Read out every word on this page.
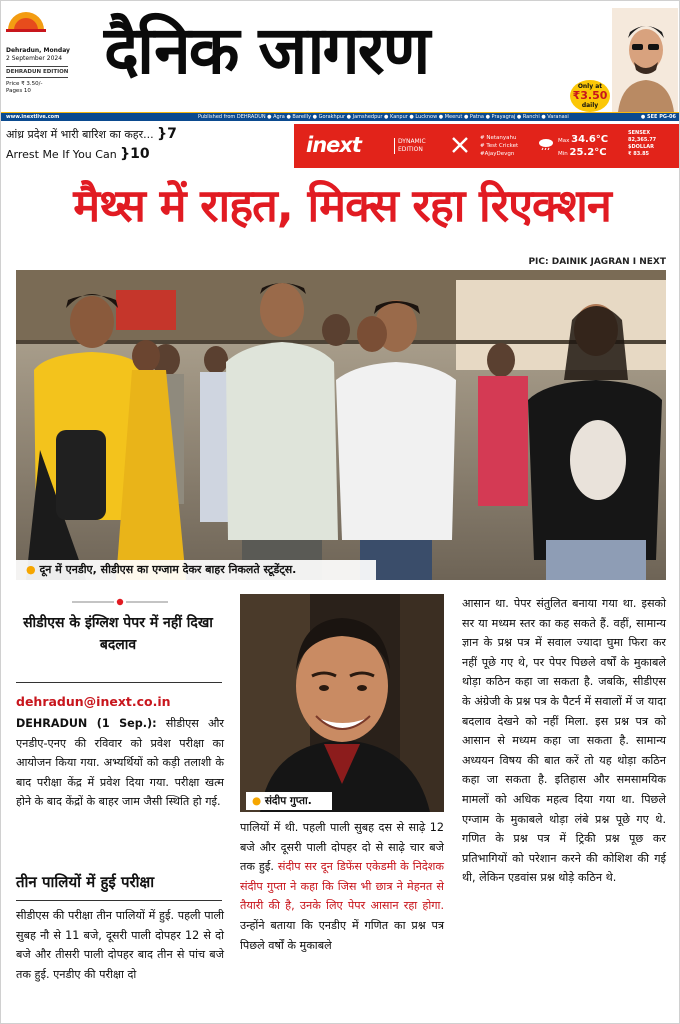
Dehradun, Monday
2 September 2024
DEHRADUN EDITION
Price ₹ 3.50/-
Pages 10
दैनिक जागरण	Only at
₹3.50
daily
www.inextlive.com	Published from DEHRADUN ● Agra ● Bareilly ● Gorakhpur ● Jamshedpur ● Kanpur ● Lucknow ● Meerut ● Patna ● Prayagraj ● Ranchi ● Varanasi	● SEE PG-06
आंध्र प्रदेश में भारी बारिश का कहर... }7
Arrest Me If You Can }10	inext	DYNAMIC
EDITION
# Netanyahu
# Test Cricket
#AjayDevgn
Max 34.6°C
Min 25.2°C
SENSEX
82,365.77
$DOLLAR
₹ 83.85
मैथ्स में राहत, मिक्स रहा रिएक्शन
PIC: DAINIK JAGRAN I NEXT
● दून में एनडीए, सीडीएस का एग्जाम देकर बाहर निकलते स्टूडेंट्स.
सीडीएस के इंग्लिश पेपर में नहीं दिखा बदलाव
dehradun@inext.co.in
DEHRADUN (1 Sep.): सीडीएस और एनडीए-एनए की रविवार को प्रवेश परीक्षा का आयोजन किया गया. अभ्यर्थियों को कड़ी तलाशी के बाद परीक्षा केंद्र में प्रवेश दिया गया. परीक्षा खत्म होने के बाद केंद्रों के बाहर जाम जैसी स्थिति हो गई.
तीन पालियों में हुई परीक्षा
सीडीएस की परीक्षा तीन पालियों में हुई. पहली पाली सुबह नौ से 11 बजे, दूसरी पाली दोपहर 12 से दो बजे और तीसरी पाली दोपहर बाद तीन से पांच बजे तक हुई. एनडीए की परीक्षा दो
● संदीप गुप्ता.
पालियों में थी. पहली पाली सुबह दस से साढ़े 12 बजे और दूसरी पाली दोपहर दो से साढ़े चार बजे तक हुई. संदीप सर दून डिफेंस एकेडमी के निदेशक संदीप गुप्ता ने कहा कि जिस भी छात्र ने मेहनत से तैयारी की है, उनके लिए पेपर आसान रहा होगा. उन्होंने बताया कि एनडीए में गणित का प्रश्न पत्र पिछले वर्षों के मुकाबले
आसान था. पेपर संतुलित बनाया गया था. इसको सर या मध्यम स्तर का कह सकते हैं. वहीं, सामान्य ज्ञान के प्रश्न पत्र में सवाल ज्यादा घुमा फिरा कर नहीं पूछे गए थे, पर पेपर पिछले वर्षों के मुकाबले थोड़ा कठिन कहा जा सकता है. जबकि, सीडीएस के अंग्रेजी के प्रश्न पत्र के पैटर्न में सवालों में ज यादा बदलाव देखने को नहीं मिला. इस प्रश्न पत्र को आसान से मध्यम कहा जा सकता है. सामान्य अध्ययन विषय की बात करें तो यह थोड़ा कठिन कहा जा सकता है. इतिहास और समसामयिक मामलों को अधिक महत्व दिया गया था. पिछले एग्जाम के मुकाबले थोड़ा लंबे प्रश्न पूछे गए थे. गणित के प्रश्न पत्र में ट्रिकी प्रश्न पूछ कर प्रतिभागियों को परेशान करने की कोशिश की गई थी, लेकिन एडवांस प्रश्न थोड़े कठिन थे.
